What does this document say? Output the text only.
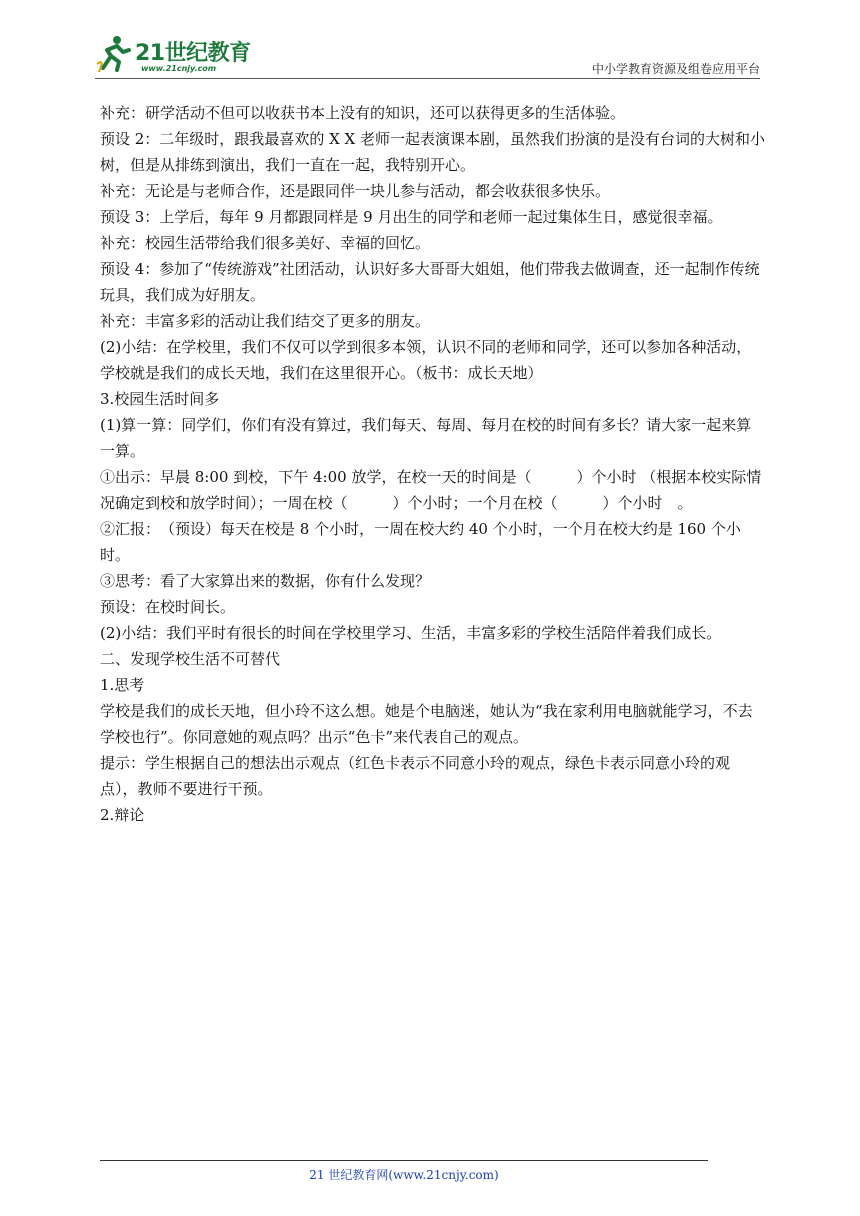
21世纪教育
www.21cnjy.com	中小学教育资源及组卷应用平台

补充：研学活动不但可以收获书本上没有的知识，还可以获得更多的生活体验。

预设 2：二年级时，跟我最喜欢的 X X 老师一起表演课本剧，虽然我们扮演的是没有台词的大树和小树，但是从排练到演出，我们一直在一起，我特别开心。

补充：无论是与老师合作，还是跟同伴一块儿参与活动，都会收获很多快乐。

预设 3：上学后，每年 9 月都跟同样是 9 月出生的同学和老师一起过集体生日，感觉很幸福。

补充：校园生活带给我们很多美好、幸福的回忆。

预设 4：参加了“传统游戏”社团活动，认识好多大哥哥大姐姐，他们带我去做调查，还一起制作传统玩具，我们成为好朋友。

补充：丰富多彩的活动让我们结交了更多的朋友。

(2)小结：在学校里，我们不仅可以学到很多本领，认识不同的老师和同学，还可以参加各种活动，学校就是我们的成长天地，我们在这里很开心。（板书：成长天地）

3.校园生活时间多

(1)算一算：同学们，你们有没有算过，我们每天、每周、每月在校的时间有多长？请大家一起来算一算。

①出示：早晨 8:00 到校，下午 4:00 放学，在校一天的时间是（　　　）个小时 （根据本校实际情况确定到校和放学时间）；一周在校（　　　）个小时；一个月在校（　　　）个小时　。

②汇报：　（预设）每天在校是 8 个小时，一周在校大约 40 个小时，一个月在校大约是 160 个小时。

③思考：看了大家算出来的数据，你有什么发现？

预设：在校时间长。

(2)小结：我们平时有很长的时间在学校里学习、生活，丰富多彩的学校生活陪伴着我们成长。

二、发现学校生活不可替代

1.思考

学校是我们的成长天地，但小玲不这么想。她是个电脑迷，她认为“我在家利用电脑就能学习，不去学校也行”。你同意她的观点吗？出示“色卡”来代表自己的观点。

提示：学生根据自己的想法出示观点（红色卡表示不同意小玲的观点，绿色卡表示同意小玲的观点），教师不要进行干预。

2.辩论

21 世纪教育网(www.21cnjy.com)
